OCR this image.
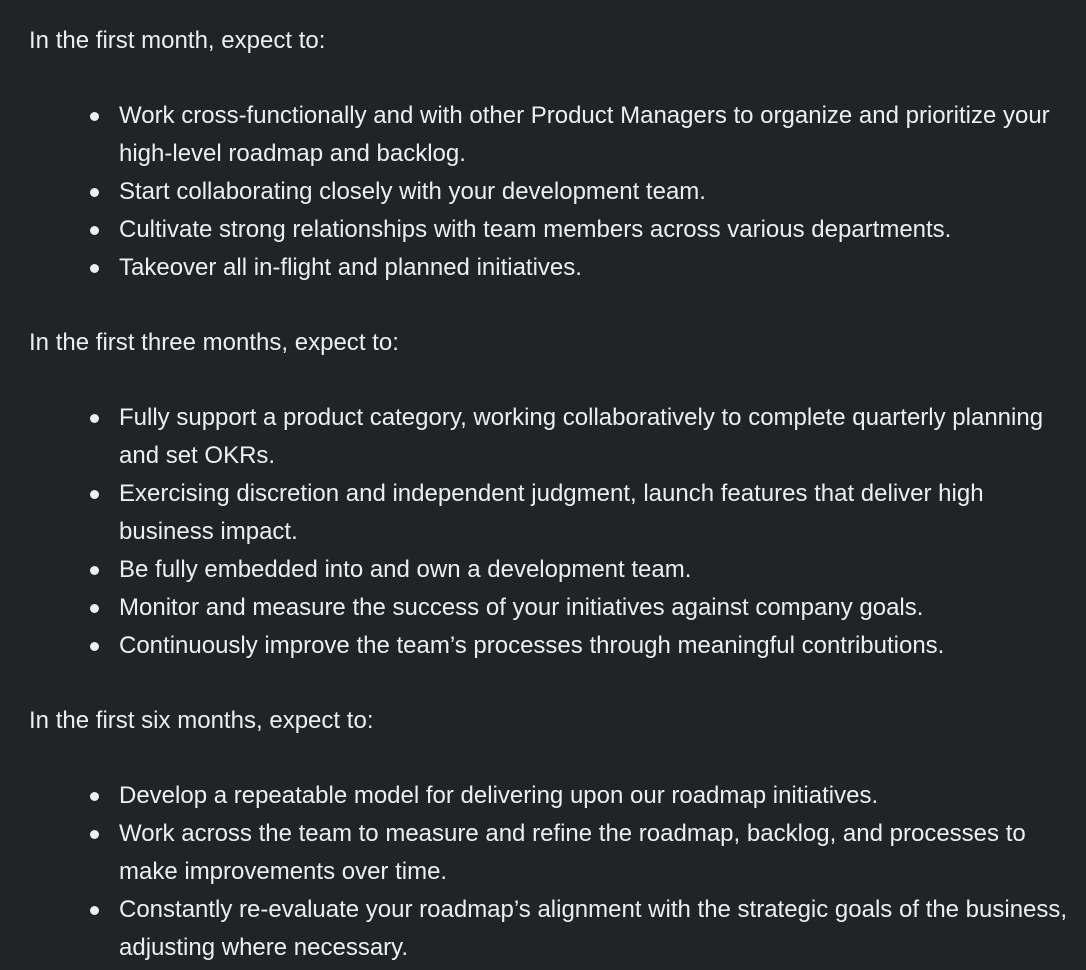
In the first month, expect to:

Work cross-functionally and with other Product Managers to organize and prioritize your high-level roadmap and backlog.
Start collaborating closely with your development team.
Cultivate strong relationships with team members across various departments.
Takeover all in-flight and planned initiatives.

In the first three months, expect to:

Fully support a product category, working collaboratively to complete quarterly planning and set OKRs.
Exercising discretion and independent judgment, launch features that deliver high business impact.
Be fully embedded into and own a development team.
Monitor and measure the success of your initiatives against company goals.
Continuously improve the team’s processes through meaningful contributions.

In the first six months, expect to:

Develop a repeatable model for delivering upon our roadmap initiatives.
Work across the team to measure and refine the roadmap, backlog, and processes to make improvements over time.
Constantly re-evaluate your roadmap’s alignment with the strategic goals of the business, adjusting where necessary.
